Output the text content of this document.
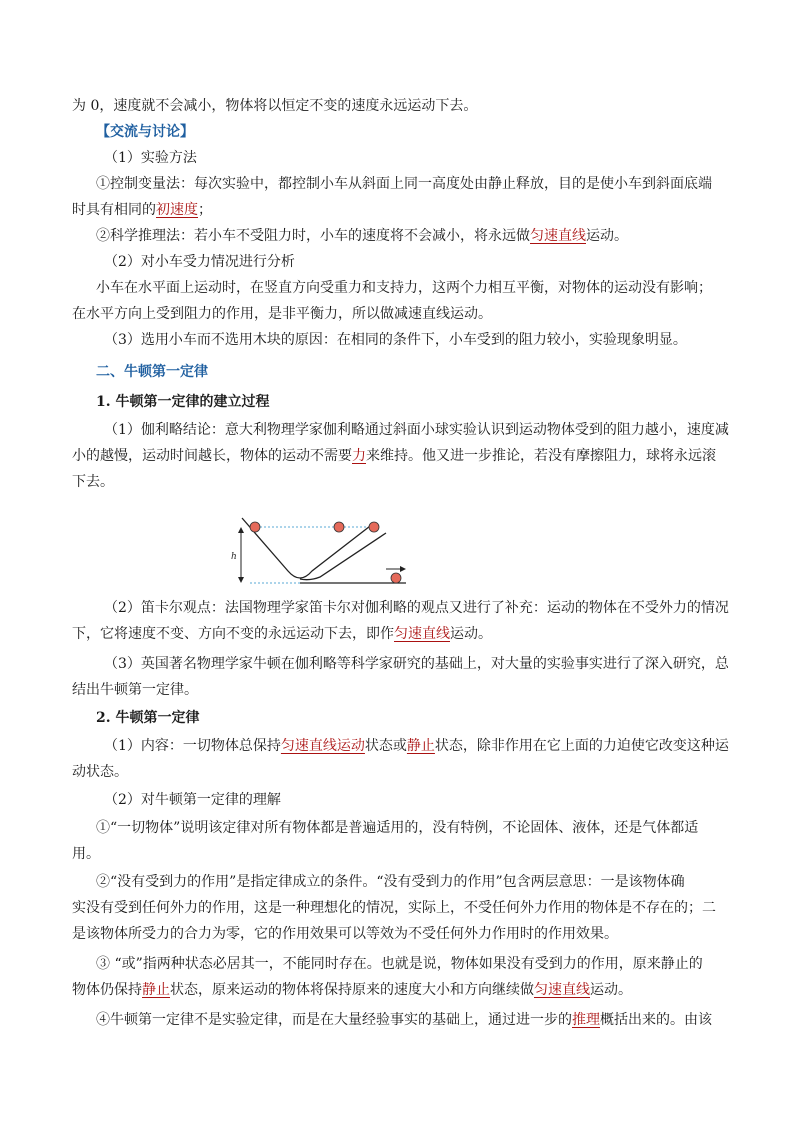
为 0，速度就不会减小，物体将以恒定不变的速度永远运动下去。
【交流与讨论】
（1）实验方法
①控制变量法：每次实验中，都控制小车从斜面上同一高度处由静止释放，目的是使小车到斜面底端
时具有相同的初速度；
②科学推理法：若小车不受阻力时，小车的速度将不会减小，将永远做匀速直线运动。
（2）对小车受力情况进行分析
小车在水平面上运动时，在竖直方向受重力和支持力，这两个力相互平衡，对物体的运动没有影响；
在水平方向上受到阻力的作用，是非平衡力，所以做减速直线运动。
（3）选用小车而不选用木块的原因：在相同的条件下，小车受到的阻力较小，实验现象明显。
二、牛顿第一定律
1. 牛顿第一定律的建立过程
（1）伽利略结论：意大利物理学家伽利略通过斜面小球实验认识到运动物体受到的阻力越小，速度减
小的越慢，运动时间越长，物体的运动不需要力来维持。他又进一步推论，若没有摩擦阻力，球将永远滚
下去。
h
（2）笛卡尔观点：法国物理学家笛卡尔对伽利略的观点又进行了补充：运动的物体在不受外力的情况
下，它将速度不变、方向不变的永远运动下去，即作匀速直线运动。
（3）英国著名物理学家牛顿在伽利略等科学家研究的基础上，对大量的实验事实进行了深入研究，总
结出牛顿第一定律。
2. 牛顿第一定律
（1）内容：一切物体总保持匀速直线运动状态或静止状态，除非作用在它上面的力迫使它改变这种运
动状态。
（2）对牛顿第一定律的理解
①“一切物体”说明该定律对所有物体都是普遍适用的，没有特例，不论固体、液体，还是气体都适
用。
②“没有受到力的作用”是指定律成立的条件。“没有受到力的作用”包含两层意思：一是该物体确
实没有受到任何外力的作用，这是一种理想化的情况，实际上，不受任何外力作用的物体是不存在的；二
是该物体所受力的合力为零，它的作用效果可以等效为不受任何外力作用时的作用效果。
③ “或”指两种状态必居其一，不能同时存在。也就是说，物体如果没有受到力的作用，原来静止的
物体仍保持静止状态，原来运动的物体将保持原来的速度大小和方向继续做匀速直线运动。
④牛顿第一定律不是实验定律，而是在大量经验事实的基础上，通过进一步的推理概括出来的。由该
